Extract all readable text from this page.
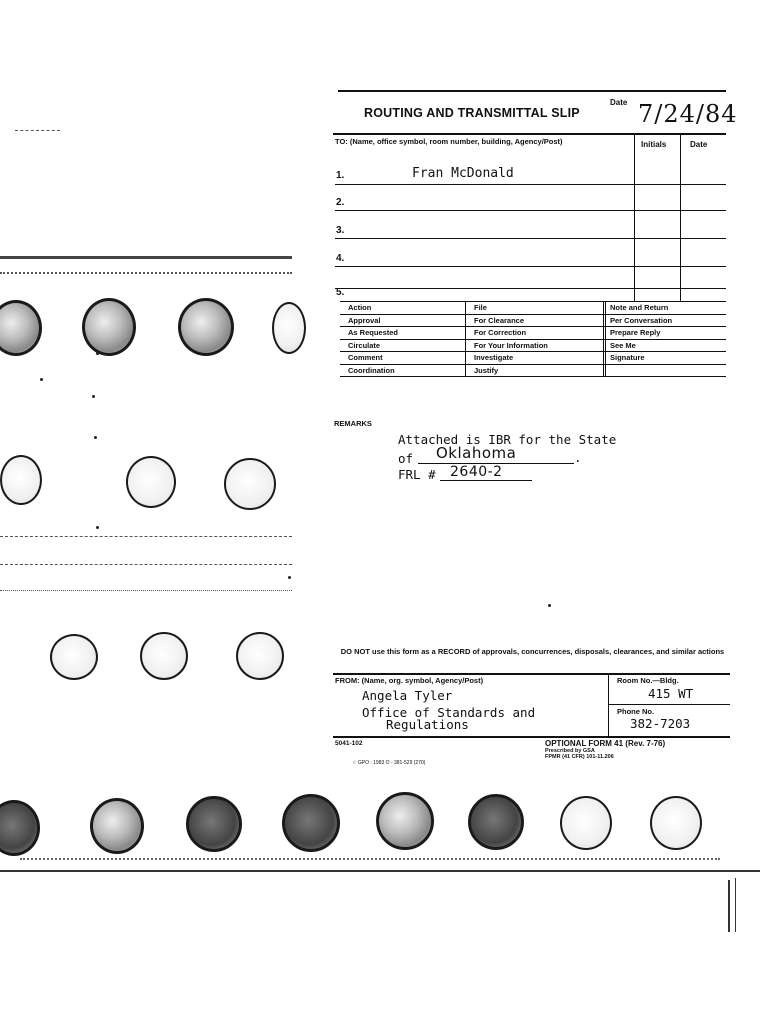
ROUTING AND TRANSMITTAL SLIP
Date 7/24/84
TO: (Name, office symbol, room number, building, Agency/Post)	Initials	Date
1.	Fran McDonald
2.
3.
4.
5.
Action	File	Note and Return
Approval	For Clearance	Per Conversation
As Requested	For Correction	Prepare Reply
Circulate	For Your Information	See Me
Comment	Investigate	Signature
Coordination	Justify
REMARKS
Attached is IBR for the State
of Oklahoma	.
FRL # 2640-2
DO NOT use this form as a RECORD of approvals, concurrences, disposals, clearances, and similar actions
FROM: (Name, org. symbol, Agency/Post)
Angela Tyler
Office of Standards and
Regulations
Room No.—Bldg.
415 WT
Phone No.
382-7203
5041-102	OPTIONAL FORM 41 (Rev. 7-76)
Prescribed by GSA
FPMR (41 CFR) 101-11.206
☆ GPO : 1983 O - 381-529 (270)
